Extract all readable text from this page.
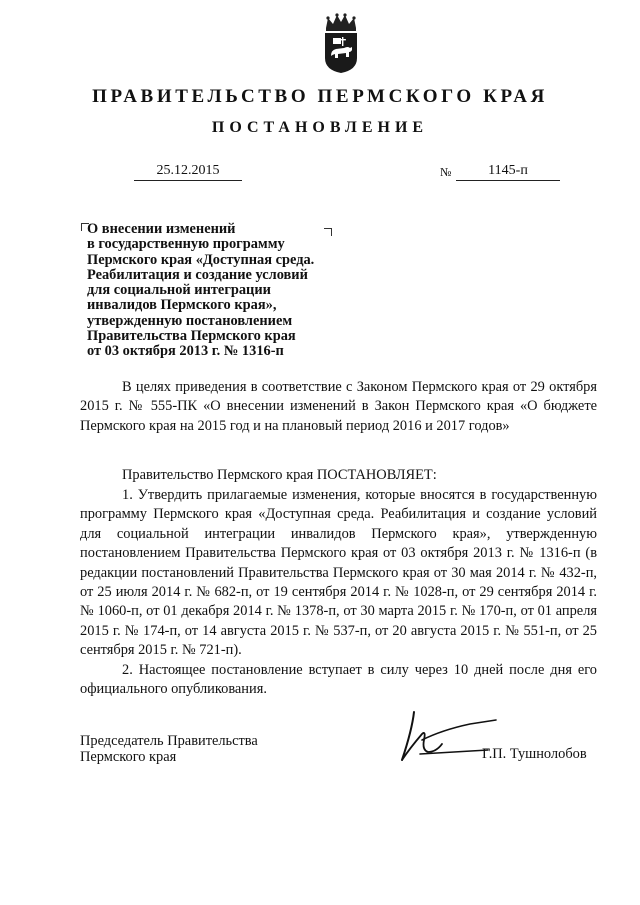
ПРАВИТЕЛЬСТВО ПЕРМСКОГО КРАЯ
ПОСТАНОВЛЕНИЕ
25.12.2015	№	1145-п
О внесении изменений
в государственную программу
Пермского края «Доступная среда.
Реабилитация и создание условий
для социальной интеграции
инвалидов Пермского края»,
утвержденную постановлением
Правительства Пермского края
от 03 октября 2013 г. № 1316-п
В целях приведения в соответствие с Законом Пермского края от 29 октября 2015 г. № 555-ПК «О внесении изменений в Закон Пермского края «О бюджете Пермского края на 2015 год и на плановый период 2016 и 2017 годов»
Правительство Пермского края ПОСТАНОВЛЯЕТ:
1. Утвердить прилагаемые изменения, которые вносятся в государственную программу Пермского края «Доступная среда. Реабилитация и создание условий для социальной интеграции инвалидов Пермского края», утвержденную постановлением Правительства Пермского края от 03 октября 2013 г. № 1316-п (в редакции постановлений Правительства Пермского края от 30 мая 2014 г. № 432-п, от 25 июля 2014 г. № 682-п, от 19 сентября 2014 г. № 1028-п, от 29 сентября 2014 г. № 1060-п, от 01 декабря 2014 г. № 1378-п, от 30 марта 2015 г. № 170-п, от 01 апреля 2015 г. № 174-п, от 14 августа 2015 г. № 537-п, от 20 августа 2015 г. № 551-п, от 25 сентября 2015 г. № 721-п).
2. Настоящее постановление вступает в силу через 10 дней после дня его официального опубликования.
Председатель Правительства
Пермского края	Г.П. Тушнолобов
